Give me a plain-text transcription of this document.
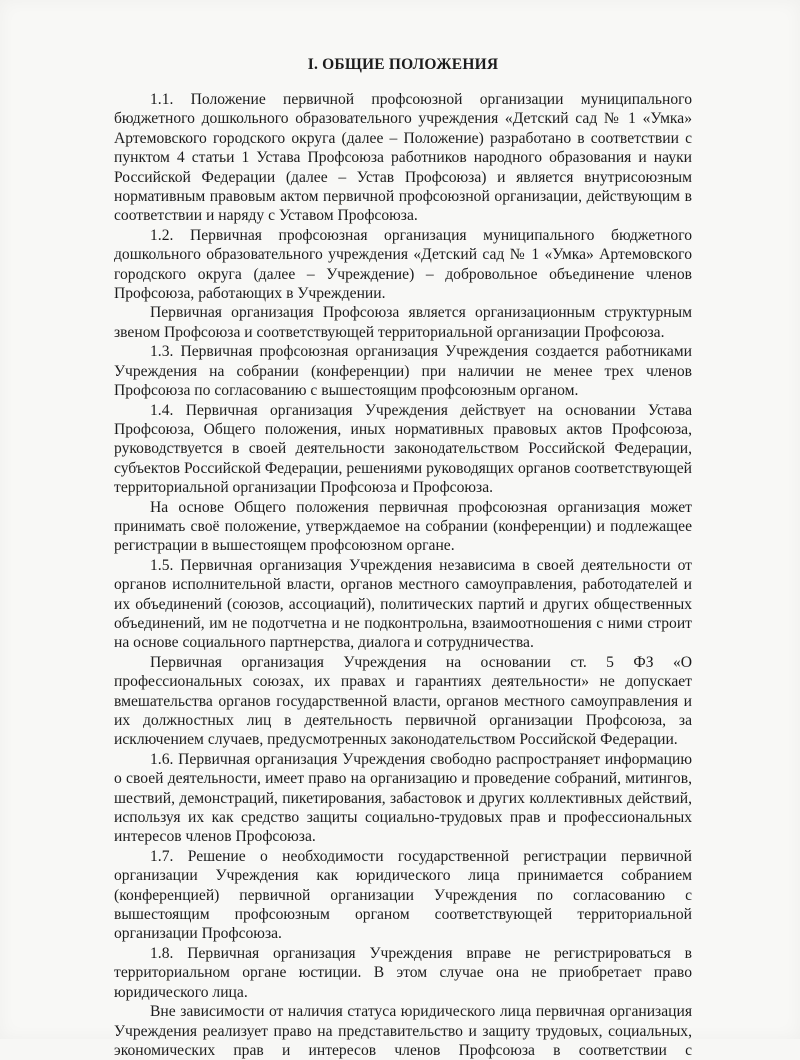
I. ОБЩИЕ ПОЛОЖЕНИЯ

1.1. Положение первичной профсоюзной организации муниципального бюджетного дошкольного образовательного учреждения «Детский сад № 1 «Умка» Артемовского городского округа (далее – Положение) разработано в соответствии с пунктом 4 статьи 1 Устава Профсоюза работников народного образования и науки Российской Федерации (далее – Устав Профсоюза) и является внутрисоюзным нормативным правовым актом первичной профсоюзной организации, действующим в соответствии и наряду с Уставом Профсоюза.

1.2. Первичная профсоюзная организация муниципального бюджетного дошкольного образовательного учреждения «Детский сад № 1 «Умка» Артемовского городского округа (далее – Учреждение) – добровольное объединение членов Профсоюза, работающих в Учреждении.

Первичная организация Профсоюза является организационным структурным звеном Профсоюза и соответствующей территориальной организации Профсоюза.

1.3. Первичная профсоюзная организация Учреждения создается работниками Учреждения на собрании (конференции) при наличии не менее трех членов Профсоюза по согласованию с вышестоящим профсоюзным органом.

1.4. Первичная организация Учреждения действует на основании Устава Профсоюза, Общего положения, иных нормативных правовых актов Профсоюза, руководствуется в своей деятельности законодательством Российской Федерации, субъектов Российской Федерации, решениями руководящих органов соответствующей территориальной организации Профсоюза и Профсоюза.

На основе Общего положения первичная профсоюзная организация может принимать своё положение, утверждаемое на собрании (конференции) и подлежащее регистрации в вышестоящем профсоюзном органе.

1.5. Первичная организация Учреждения независима в своей деятельности от органов исполнительной власти, органов местного самоуправления, работодателей и их объединений (союзов, ассоциаций), политических партий и других общественных объединений, им не подотчетна и не подконтрольна, взаимоотношения с ними строит на основе социального партнерства, диалога и сотрудничества.

Первичная организация Учреждения на основании ст. 5 ФЗ «О профессиональных союзах, их правах и гарантиях деятельности» не допускает вмешательства органов государственной власти, органов местного самоуправления и их должностных лиц в деятельность первичной организации Профсоюза, за исключением случаев, предусмотренных законодательством Российской Федерации.

1.6. Первичная организация Учреждения свободно распространяет информацию о своей деятельности, имеет право на организацию и проведение собраний, митингов, шествий, демонстраций, пикетирования, забастовок и других коллективных действий, используя их как средство защиты социально-трудовых прав и профессиональных интересов членов Профсоюза.

1.7. Решение о необходимости государственной регистрации первичной организации Учреждения как юридического лица принимается собранием (конференцией) первичной организации Учреждения по согласованию с вышестоящим профсоюзным органом соответствующей территориальной организации Профсоюза.

1.8. Первичная организация Учреждения вправе не регистрироваться в территориальном органе юстиции. В этом случае она не приобретает право юридического лица.

Вне зависимости от наличия статуса юридического лица первичная организация Учреждения реализует право на представительство и защиту трудовых, социальных, экономических прав и интересов членов Профсоюза в соответствии с
